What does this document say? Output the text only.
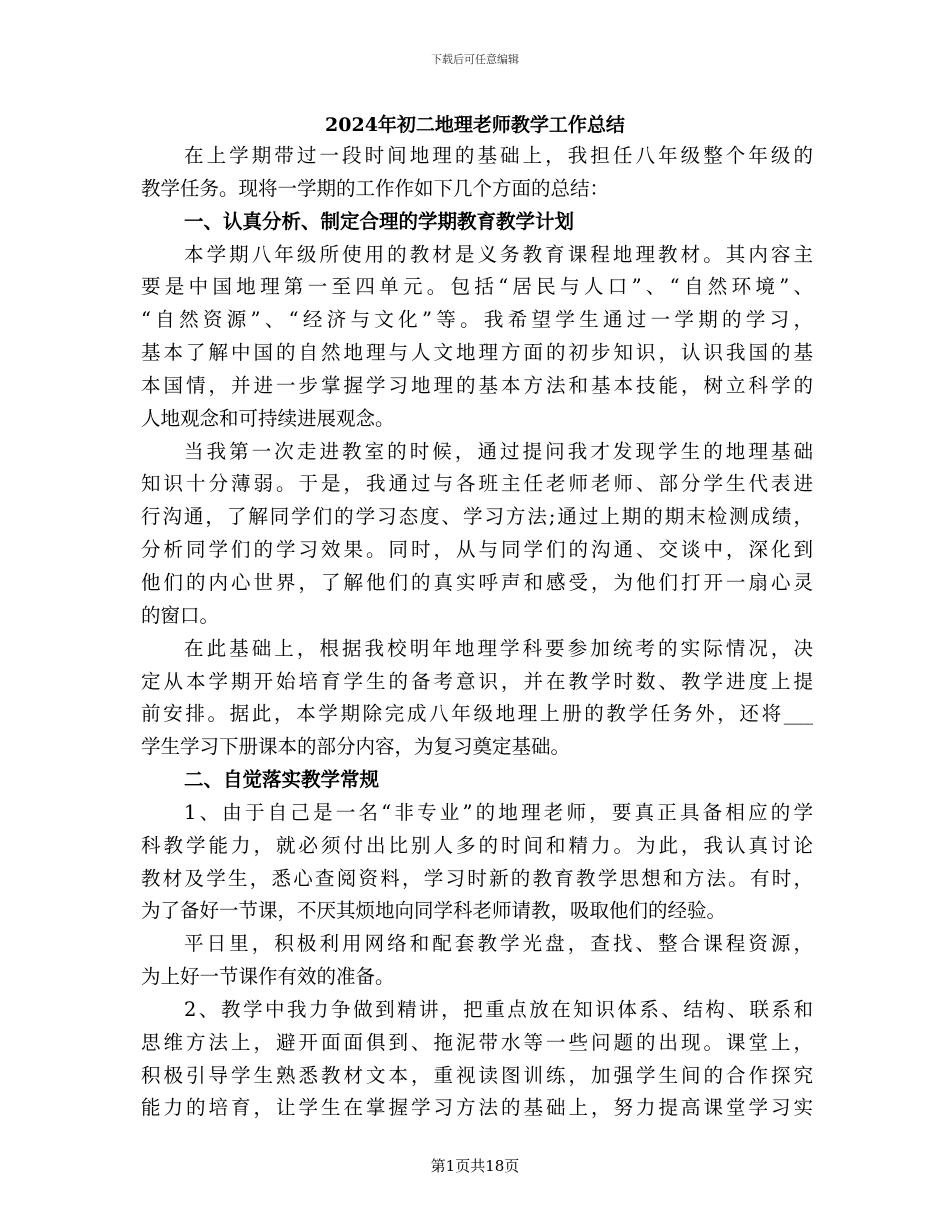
下载后可任意编辑
2024年初二地理老师教学工作总结
在上学期带过一段时间地理的基础上，我担任八年级整个年级的
教学任务。现将一学期的工作作如下几个方面的总结：
一、认真分析、制定合理的学期教育教学计划
本学期八年级所使用的教材是义务教育课程地理教材。其内容主
要是中国地理第一至四单元。包括“居民与人口”、“自然环境”、
“自然资源”、“经济与文化”等。我希望学生通过一学期的学习，
基本了解中国的自然地理与人文地理方面的初步知识，认识我国的基
本国情，并进一步掌握学习地理的基本方法和基本技能，树立科学的
人地观念和可持续进展观念。
当我第一次走进教室的时候，通过提问我才发现学生的地理基础
知识十分薄弱。于是，我通过与各班主任老师老师、部分学生代表进
行沟通，了解同学们的学习态度、学习方法;通过上期的期末检测成绩，
分析同学们的学习效果。同时，从与同学们的沟通、交谈中，深化到
他们的内心世界，了解他们的真实呼声和感受，为他们打开一扇心灵
的窗口。
在此基础上，根据我校明年地理学科要参加统考的实际情况，决
定从本学期开始培育学生的备考意识，并在教学时数、教学进度上提
前安排。据此，本学期除完成八年级地理上册的教学任务外，还将___
学生学习下册课本的部分内容，为复习奠定基础。
二、自觉落实教学常规
1、由于自己是一名“非专业”的地理老师，要真正具备相应的学
科教学能力，就必须付出比别人多的时间和精力。为此，我认真讨论
教材及学生，悉心查阅资料，学习时新的教育教学思想和方法。有时，
为了备好一节课，不厌其烦地向同学科老师请教，吸取他们的经验。
平日里，积极利用网络和配套教学光盘，查找、整合课程资源，
为上好一节课作有效的准备。
2、教学中我力争做到精讲，把重点放在知识体系、结构、联系和
思维方法上，避开面面俱到、拖泥带水等一些问题的出现。课堂上，
积极引导学生熟悉教材文本，重视读图训练，加强学生间的合作探究
能力的培育，让学生在掌握学习方法的基础上，努力提高课堂学习实
第1页共18页
